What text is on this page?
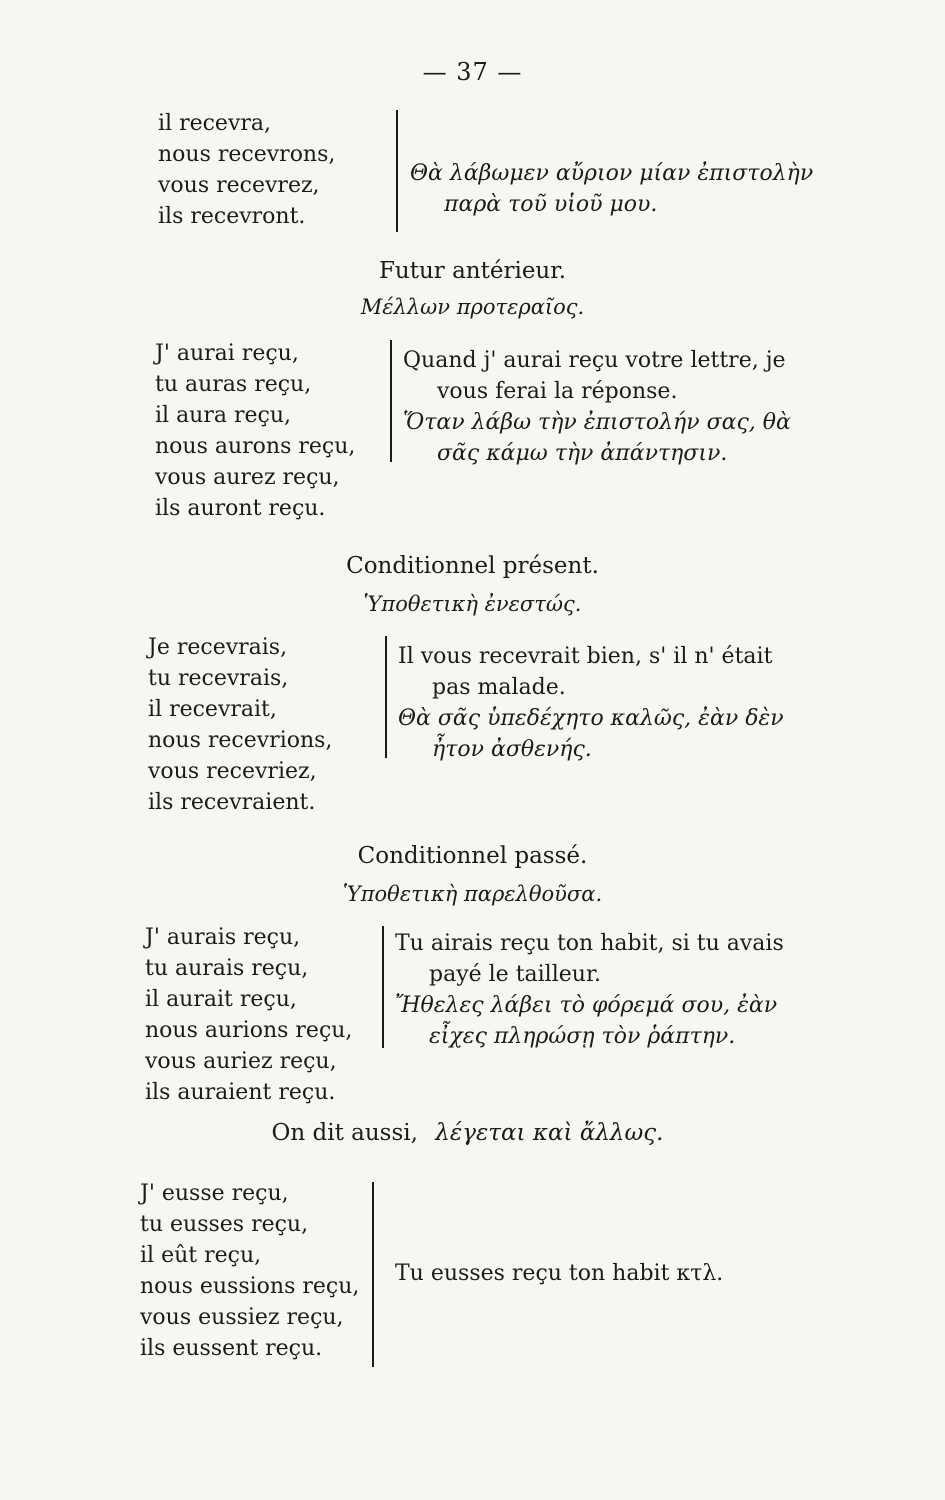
— 37 —
il recevra,
nous recevrons,
vous recevrez,
ils recevront.
Θὰ λάβωμεν αὔριον μίαν ἐπιστολὴν
παρὰ τοῦ υἱοῦ μου.
Futur antérieur.
Μέλλων προτεραῖος.
J' aurai reçu,
tu auras reçu,
il aura reçu,
nous aurons reçu,
vous aurez reçu,
ils auront reçu.
Quand j' aurai reçu votre lettre, je
vous ferai la réponse.
Ὅταν λάβω τὴν ἐπιστολήν σας, θὰ
σᾶς κάμω τὴν ἀπάντησιν.
Conditionnel présent.
Ὑποθετικὴ ἐνεστώς.
Je recevrais,
tu recevrais,
il recevrait,
nous recevrions,
vous recevriez,
ils recevraient.
Il vous recevrait bien, s' il n' était
pas malade.
Θὰ σᾶς ὑπεδέχητο καλῶς, ἐὰν δὲν
ἦτον ἀσθενής.
Conditionnel passé.
Ὑποθετικὴ παρελθοῦσα.
J' aurais reçu,
tu aurais reçu,
il aurait reçu,
nous aurions reçu,
vous auriez reçu,
ils auraient reçu.
Tu airais reçu ton habit, si tu avais
payé le tailleur.
Ἤθελες λάβει τὸ φόρεμά σου, ἐὰν
εἶχες πληρώσῃ τὸν ῥάπτην.
On dit aussi, λέγεται καὶ ἄλλως.
J' eusse reçu,
tu eusses reçu,
il eût reçu,
nous eussions reçu,
vous eussiez reçu,
ils eussent reçu.
Tu eusses reçu ton habit κτλ.
